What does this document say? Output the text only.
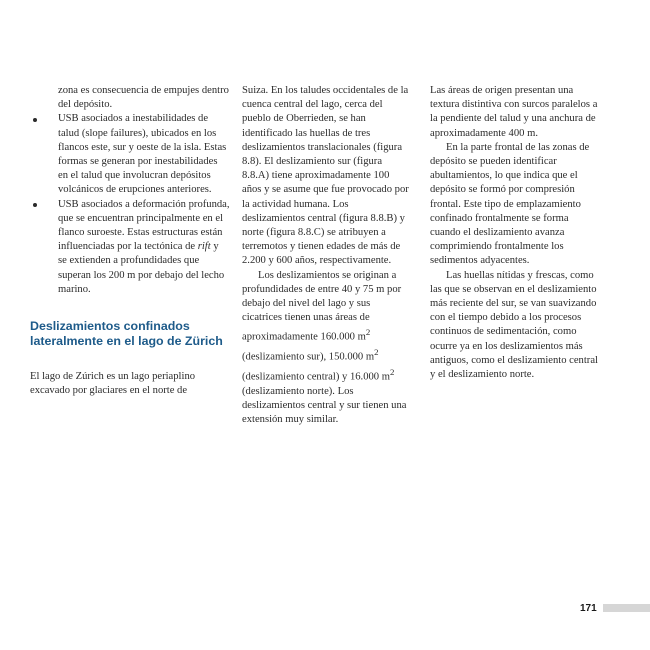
zona es consecuencia de empujes dentro del depósito.

USB asociados a inestabilidades de talud (slope failures), ubicados en los flancos este, sur y oeste de la isla. Estas formas se generan por inestabilidades en el talud que involucran depósitos volcánicos de erupciones anteriores.

USB asociados a deformación profunda, que se encuentran principalmente en el flanco suroeste. Estas estructuras están influenciadas por la tectónica de rift y se extienden a profundidades que superan los 200 m por debajo del lecho marino.

Deslizamientos confinados lateralmente en el lago de Zürich

El lago de Zúrich es un lago periaplino excavado por glaciares en el norte de

Suiza. En los taludes occidentales de la cuenca central del lago, cerca del pueblo de Oberrieden, se han identificado las huellas de tres deslizamientos translacionales (figura 8.8). El deslizamiento sur (figura 8.8.A) tiene aproximadamente 100 años y se asume que fue provocado por la actividad humana. Los deslizamientos central (figura 8.8.B) y norte (figura 8.8.C) se atribuyen a terremotos y tienen edades de más de 2.200 y 600 años, respectivamente.

Los deslizamientos se originan a profundidades de entre 40 y 75 m por debajo del nivel del lago y sus cicatrices tienen unas áreas de aproximadamente 160.000 $m^2$ (deslizamiento sur), 150.000 $m^2$ (deslizamiento central) y 16.000 $m^2$ (deslizamiento norte). Los deslizamientos central y sur tienen una extensión muy similar.

Las áreas de origen presentan una textura distintiva con surcos paralelos a la pendiente del talud y una anchura de aproximadamente 400 m.

En la parte frontal de las zonas de depósito se pueden identificar abultamientos, lo que indica que el depósito se formó por compresión frontal. Este tipo de emplazamiento confinado frontalmente se forma cuando el deslizamiento avanza comprimiendo frontalmente los sedimentos adyacentes.

Las huellas nítidas y frescas, como las que se observan en el deslizamiento más reciente del sur, se van suavizando con el tiempo debido a los procesos continuos de sedimentación, como ocurre ya en los deslizamientos más antiguos, como el deslizamiento central y el deslizamiento norte.

171
